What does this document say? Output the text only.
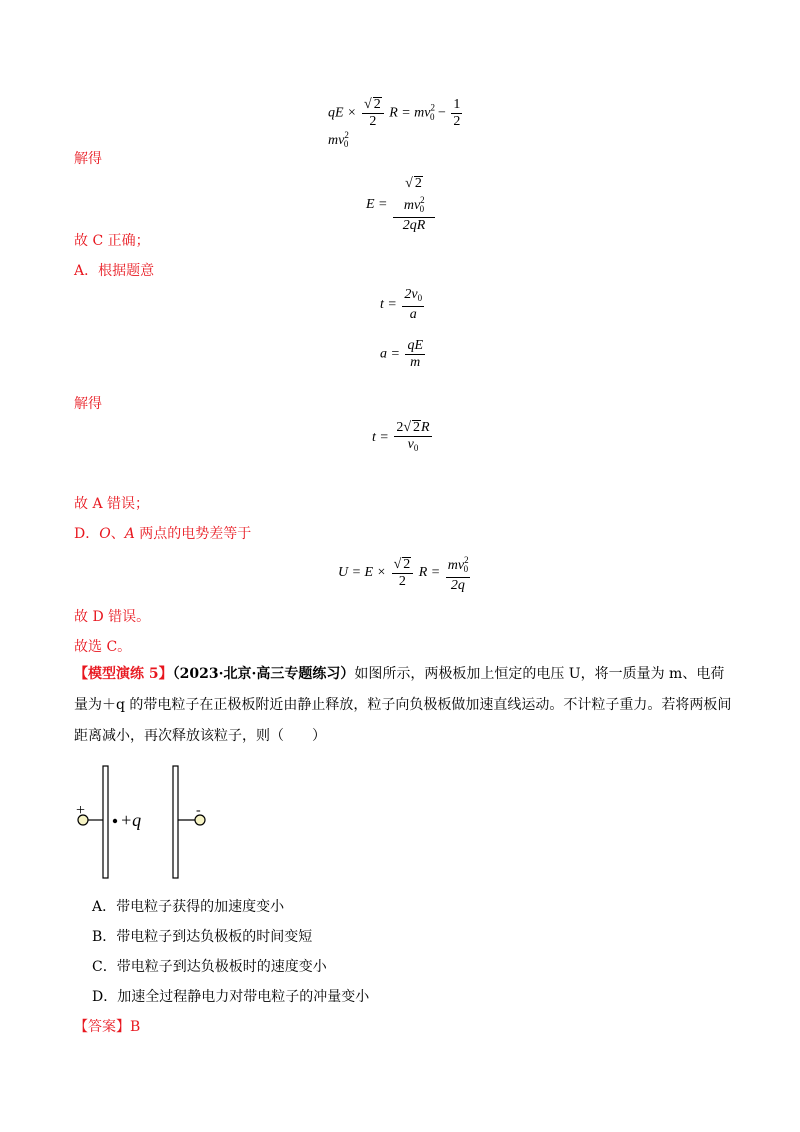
qE × $\frac{√ 2}{2}$ $R = mv^2_0 - \frac{1}{2}$
$mv^2_0$
解得
$E = \frac{√ 2mv^2_0}{2qR}$
故 C 正确；
A．根据题意
$t = \frac{2v_0}{a}$
$a = \frac{qE}{m}$
解得
$t = \frac{2√ 2R}{v_0}$
故 A 错误；
D．O、A 两点的电势差等于
$U = E \times \frac{√ 2}{2}$ $R = \frac{mv^2_0}{2q}$
故 D 错误。
故选 C。
【模型演练 5】（2023·北京·高三专题练习）如图所示，两极板加上恒定的电压 U，将一质量为 m、电荷量为＋q 的带电粒子在正极板附近由静止释放，粒子向负极板做加速直线运动。不计粒子重力。若将两板间距离减小，再次释放该粒子，则（　　）
+	-
+q
A．带电粒子获得的加速度变小
B．带电粒子到达负极板的时间变短
C．带电粒子到达负极板时的速度变小
D．加速全过程静电力对带电粒子的冲量变小
【答案】B
